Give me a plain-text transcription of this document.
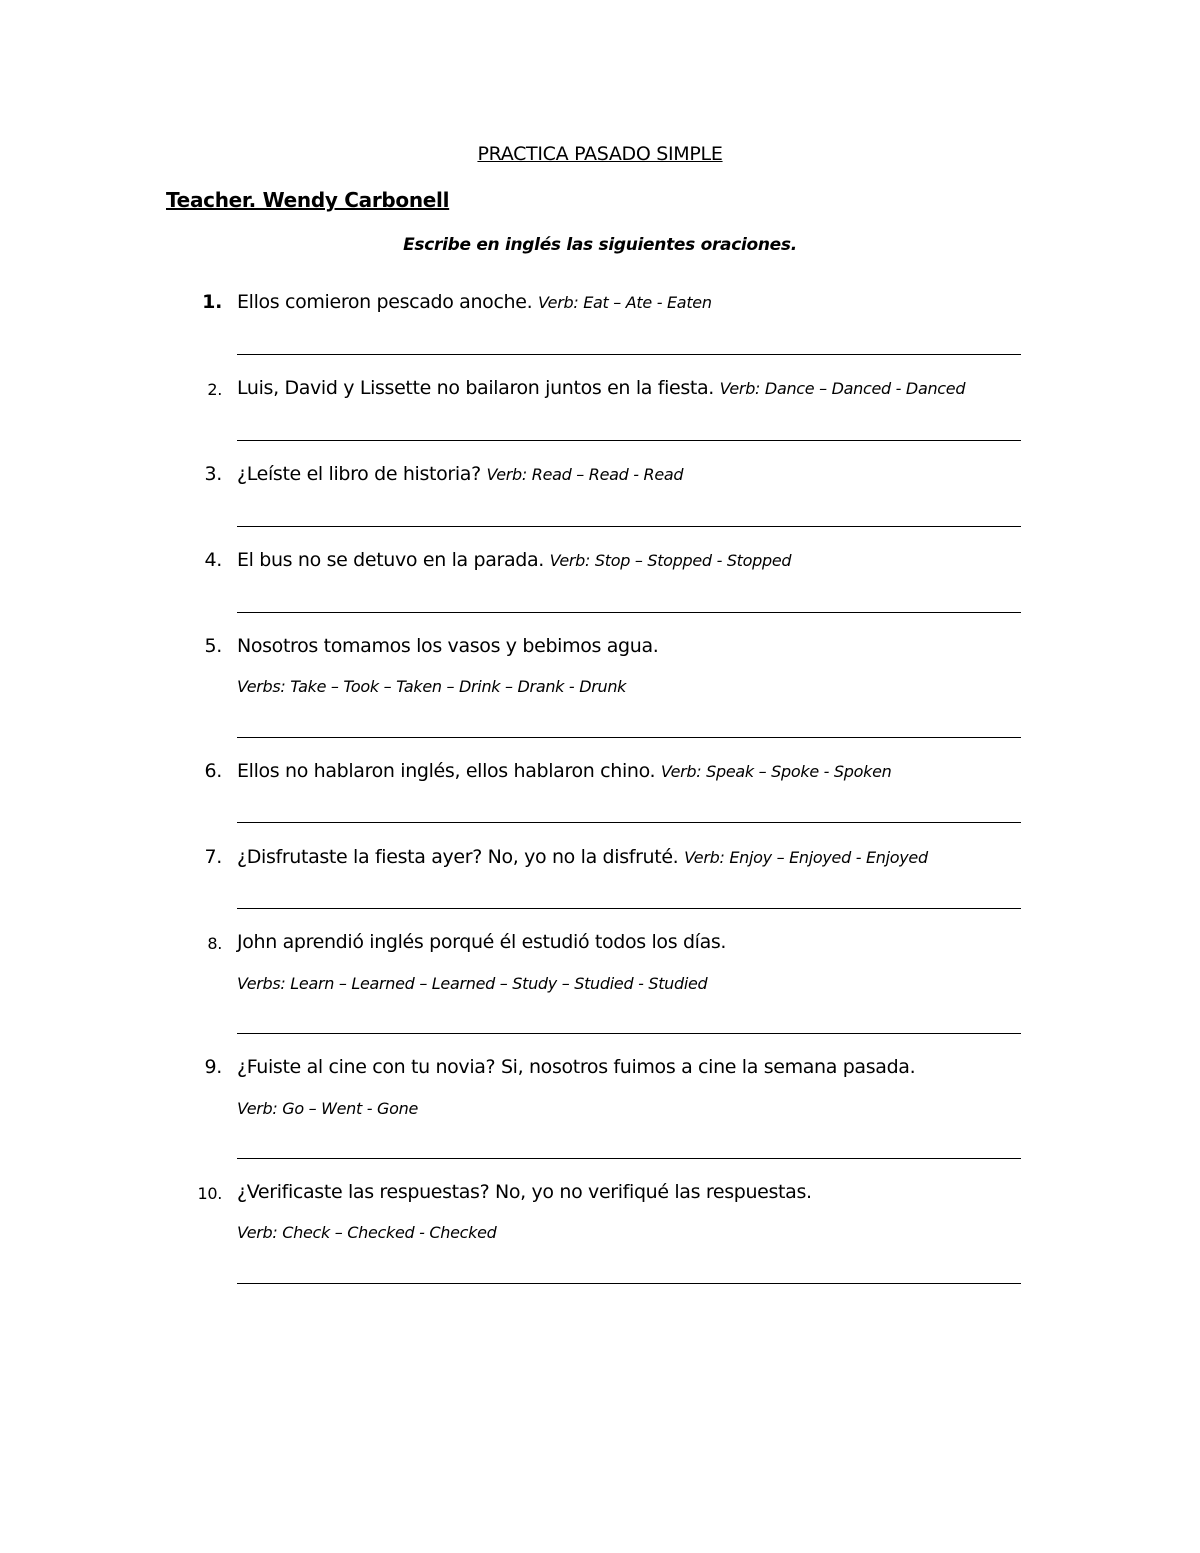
PRACTICA PASADO SIMPLE
Teacher. Wendy Carbonell
Escribe en inglés las siguientes oraciones.
1. Ellos comieron pescado anoche. Verb: Eat – Ate - Eaten
2. Luis, David y Lissette no bailaron juntos en la fiesta. Verb: Dance – Danced - Danced
3. ¿Leíste el libro de historia? Verb: Read – Read - Read
4. El bus no se detuvo en la parada. Verb: Stop – Stopped - Stopped
5. Nosotros tomamos los vasos y bebimos agua.
Verbs: Take – Took – Taken – Drink – Drank - Drunk
6. Ellos no hablaron inglés, ellos hablaron chino. Verb: Speak – Spoke - Spoken
7. ¿Disfrutaste la fiesta ayer? No, yo no la disfruté. Verb: Enjoy – Enjoyed - Enjoyed
8. John aprendió inglés porqué él estudió todos los días.
Verbs: Learn – Learned – Learned – Study – Studied - Studied
9. ¿Fuiste al cine con tu novia? Si, nosotros fuimos a cine la semana pasada.
Verb: Go – Went - Gone
10. ¿Verificaste las respuestas? No, yo no verifiqué las respuestas.
Verb: Check – Checked - Checked
